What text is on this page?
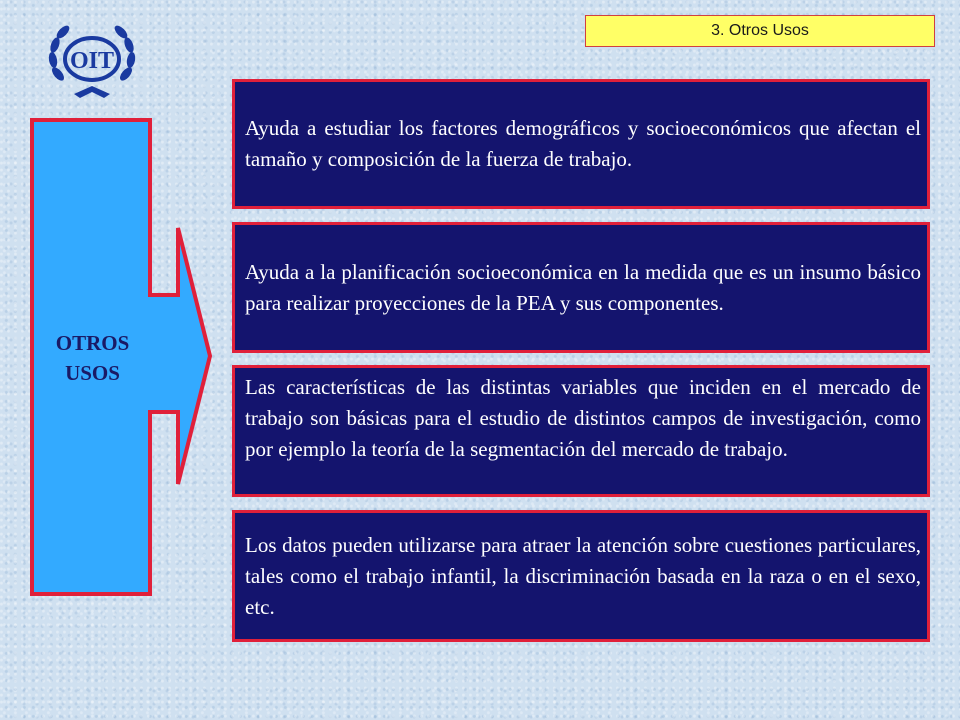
3. Otros Usos
OIT
OTROS
USOS
Ayuda a estudiar los factores demográficos y socioeconómicos que afectan el tamaño y composición de la fuerza de trabajo.
Ayuda a la planificación socioeconómica en la medida que es un insumo básico para realizar proyecciones de la PEA y sus componentes.
Las características de las distintas variables que inciden en el mercado de trabajo son básicas para el estudio de distintos campos de investigación, como por ejemplo la teoría de la segmentación del mercado de trabajo.
Los datos pueden utilizarse para atraer la atención sobre cuestiones particulares, tales como el trabajo infantil, la discriminación basada en la raza o en el sexo, etc.
